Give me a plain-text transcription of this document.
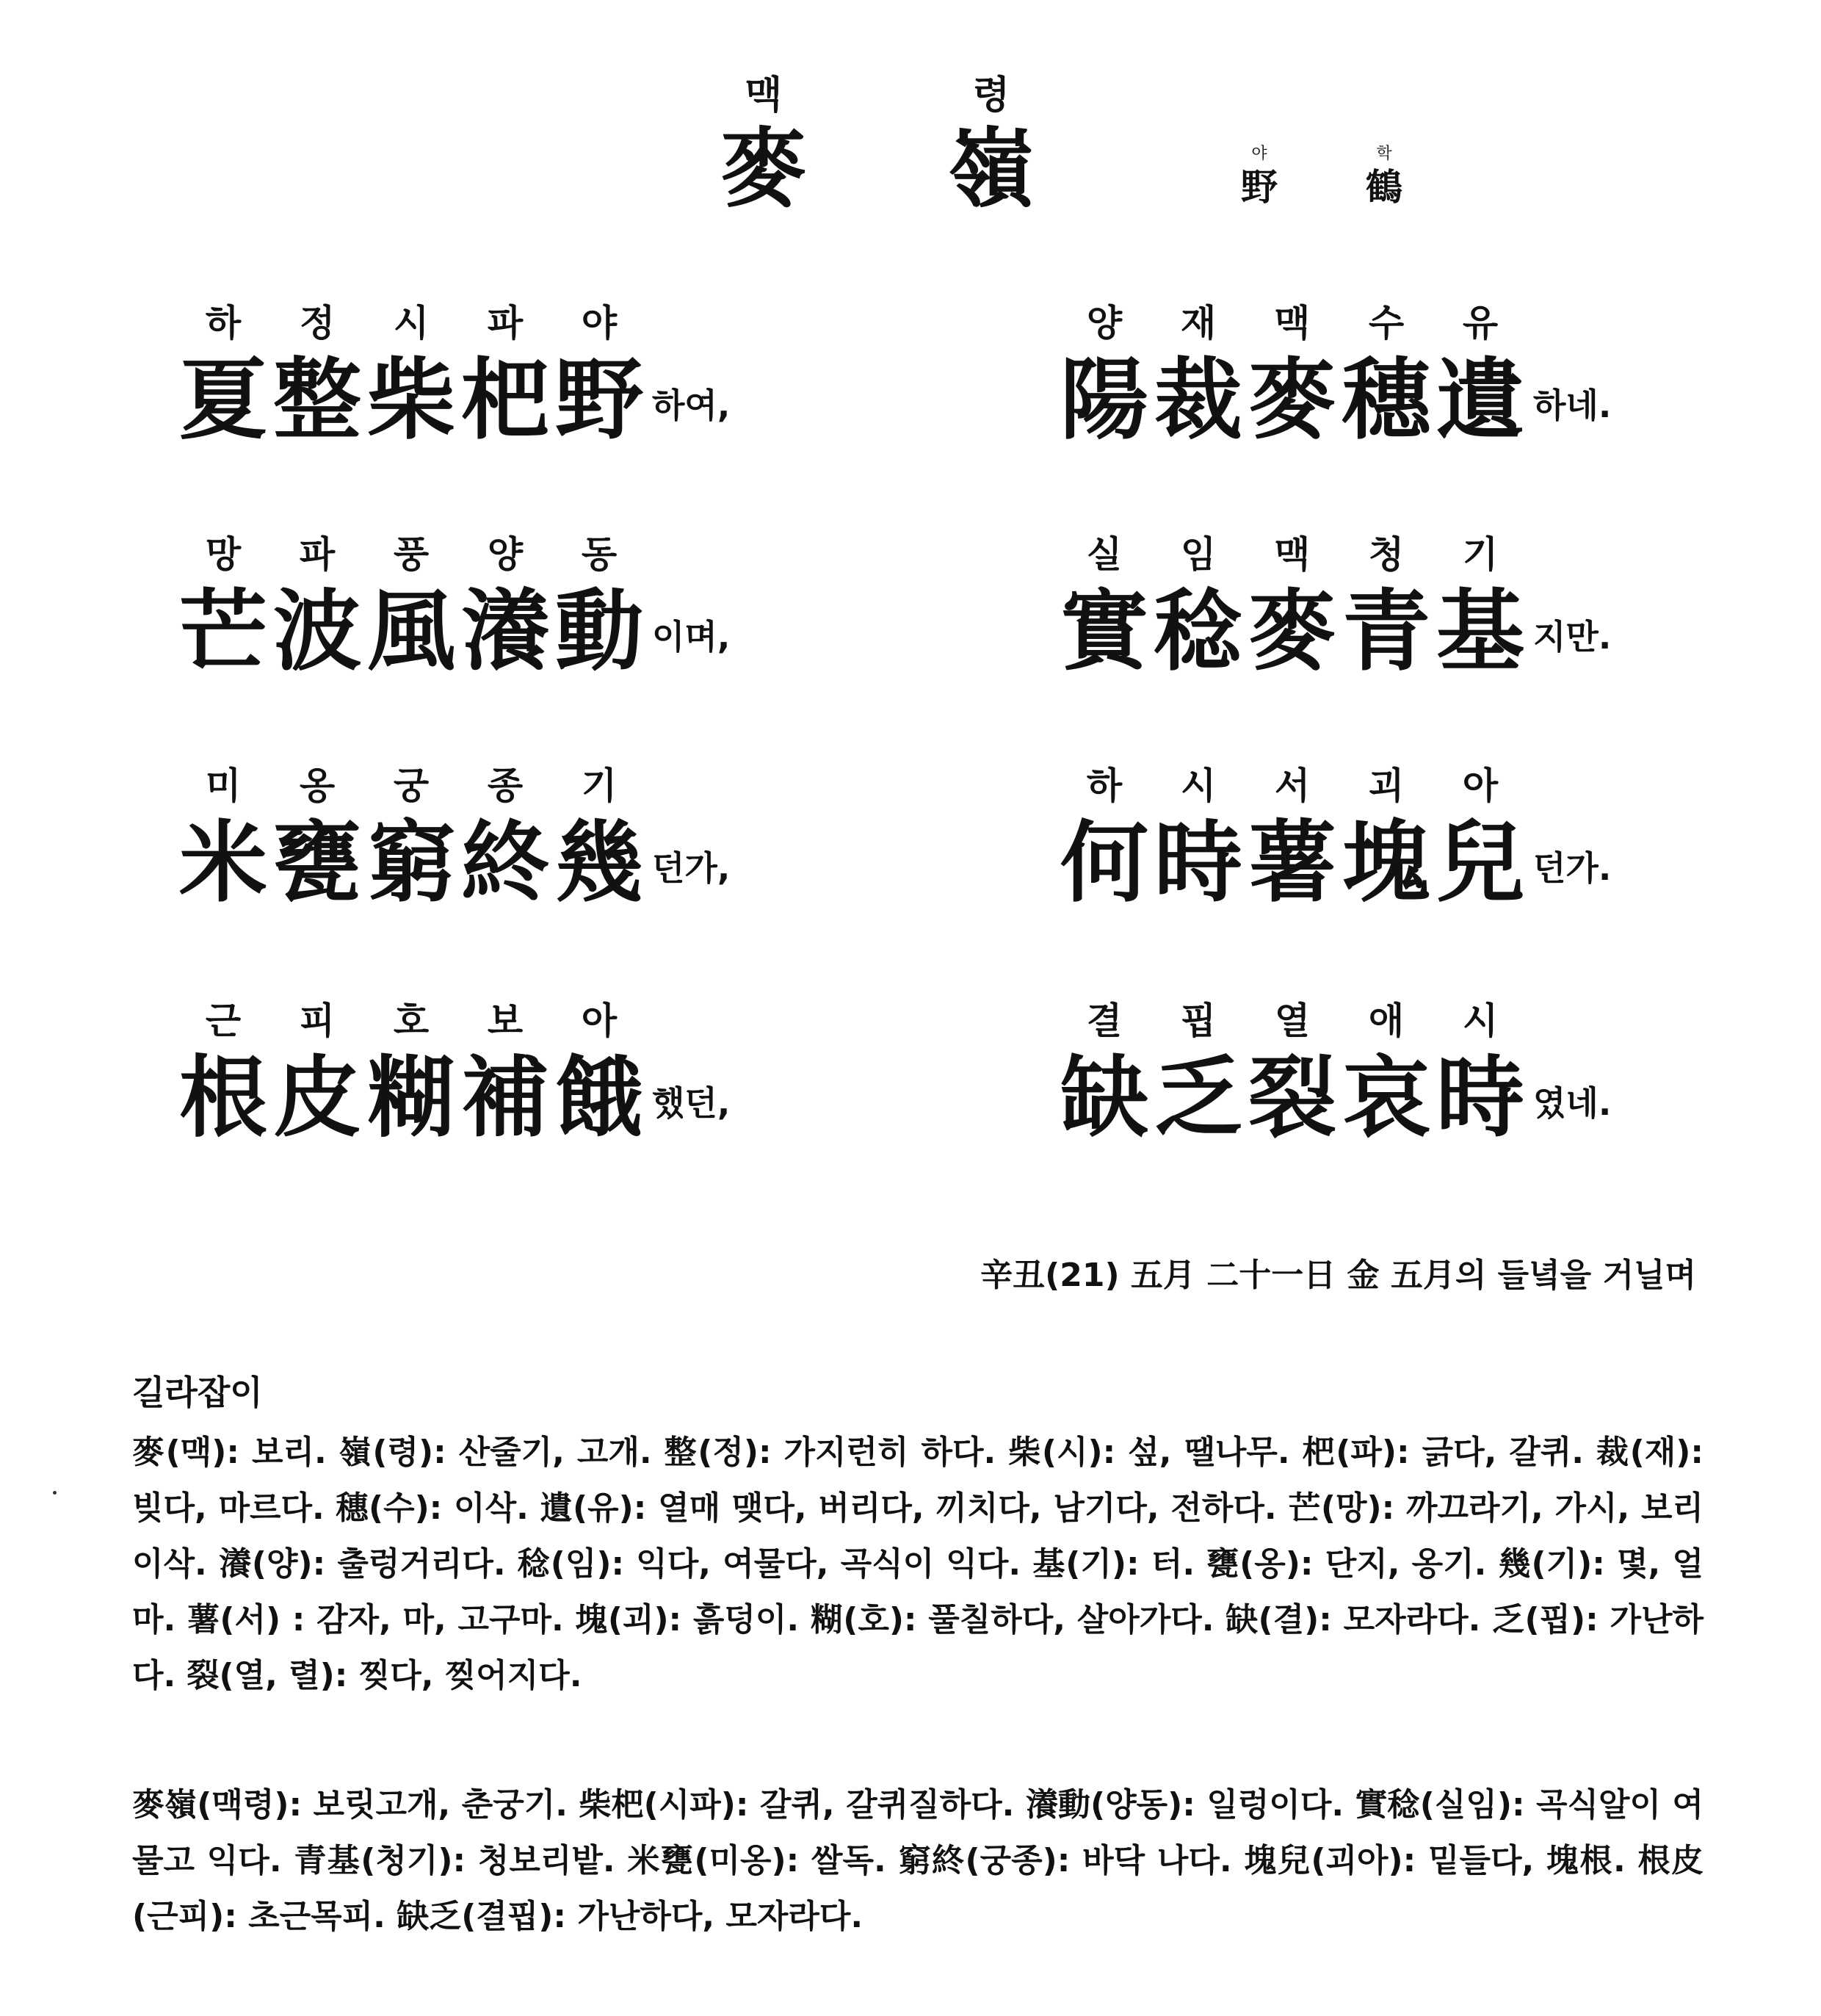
맥
麥
령
嶺	야
野
학
鶴
하
夏
정
整
시
柴
파
杷
야
野 하여,
양
陽
재
裁
맥
麥
수
穗
유
遺 하네.
망
芒
파
波
풍
風
양
瀁
동
動 이며,
실
實
임
稔
맥
麥
청
青
기
基 지만.
미
米
옹
甕
궁
窮
종
終
기
幾 던가,
하
何
시
時
서
薯
괴
塊
아
兒 던가.
근
根
피
皮
호
糊
보
補
아
餓 했던,
결
缺
핍
乏
열
裂
애
哀
시
時 였네.
辛丑(21) 五月 二十一日 金 五月의 들녘을 거닐며
길라잡이
麥(맥): 보리. 嶺(령): 산줄기, 고개. 整(정): 가지런히 하다. 柴(시): 섶, 땔나무. 杷(파): 긁다, 갈퀴. 裁(재): 빚다, 마르다. 穗(수): 이삭. 遺(유): 열매 맺다, 버리다, 끼치다, 남기다, 전하다. 芒(망): 까끄라기, 가시, 보리 이삭. 瀁(양): 출렁거리다. 稔(임): 익다, 여물다, 곡식이 익다. 基(기): 터. 甕(옹): 단지, 옹기. 幾(기): 몇, 얼마. 薯(서) : 감자, 마, 고구마. 塊(괴): 흙덩이. 糊(호): 풀칠하다, 살아가다. 缺(결): 모자라다. 乏(핍): 가난하다. 裂(열, 렬): 찢다, 찢어지다.
麥嶺(맥령): 보릿고개, 춘궁기. 柴杷(시파): 갈퀴, 갈퀴질하다. 瀁動(양동): 일렁이다. 實稔(실임): 곡식알이 여물고 익다. 青基(청기): 청보리밭. 米甕(미옹): 쌀독. 窮終(궁종): 바닥 나다. 塊兒(괴아): 밑들다, 塊根. 根皮(근피): 초근목피. 缺乏(결핍): 가난하다, 모자라다.
